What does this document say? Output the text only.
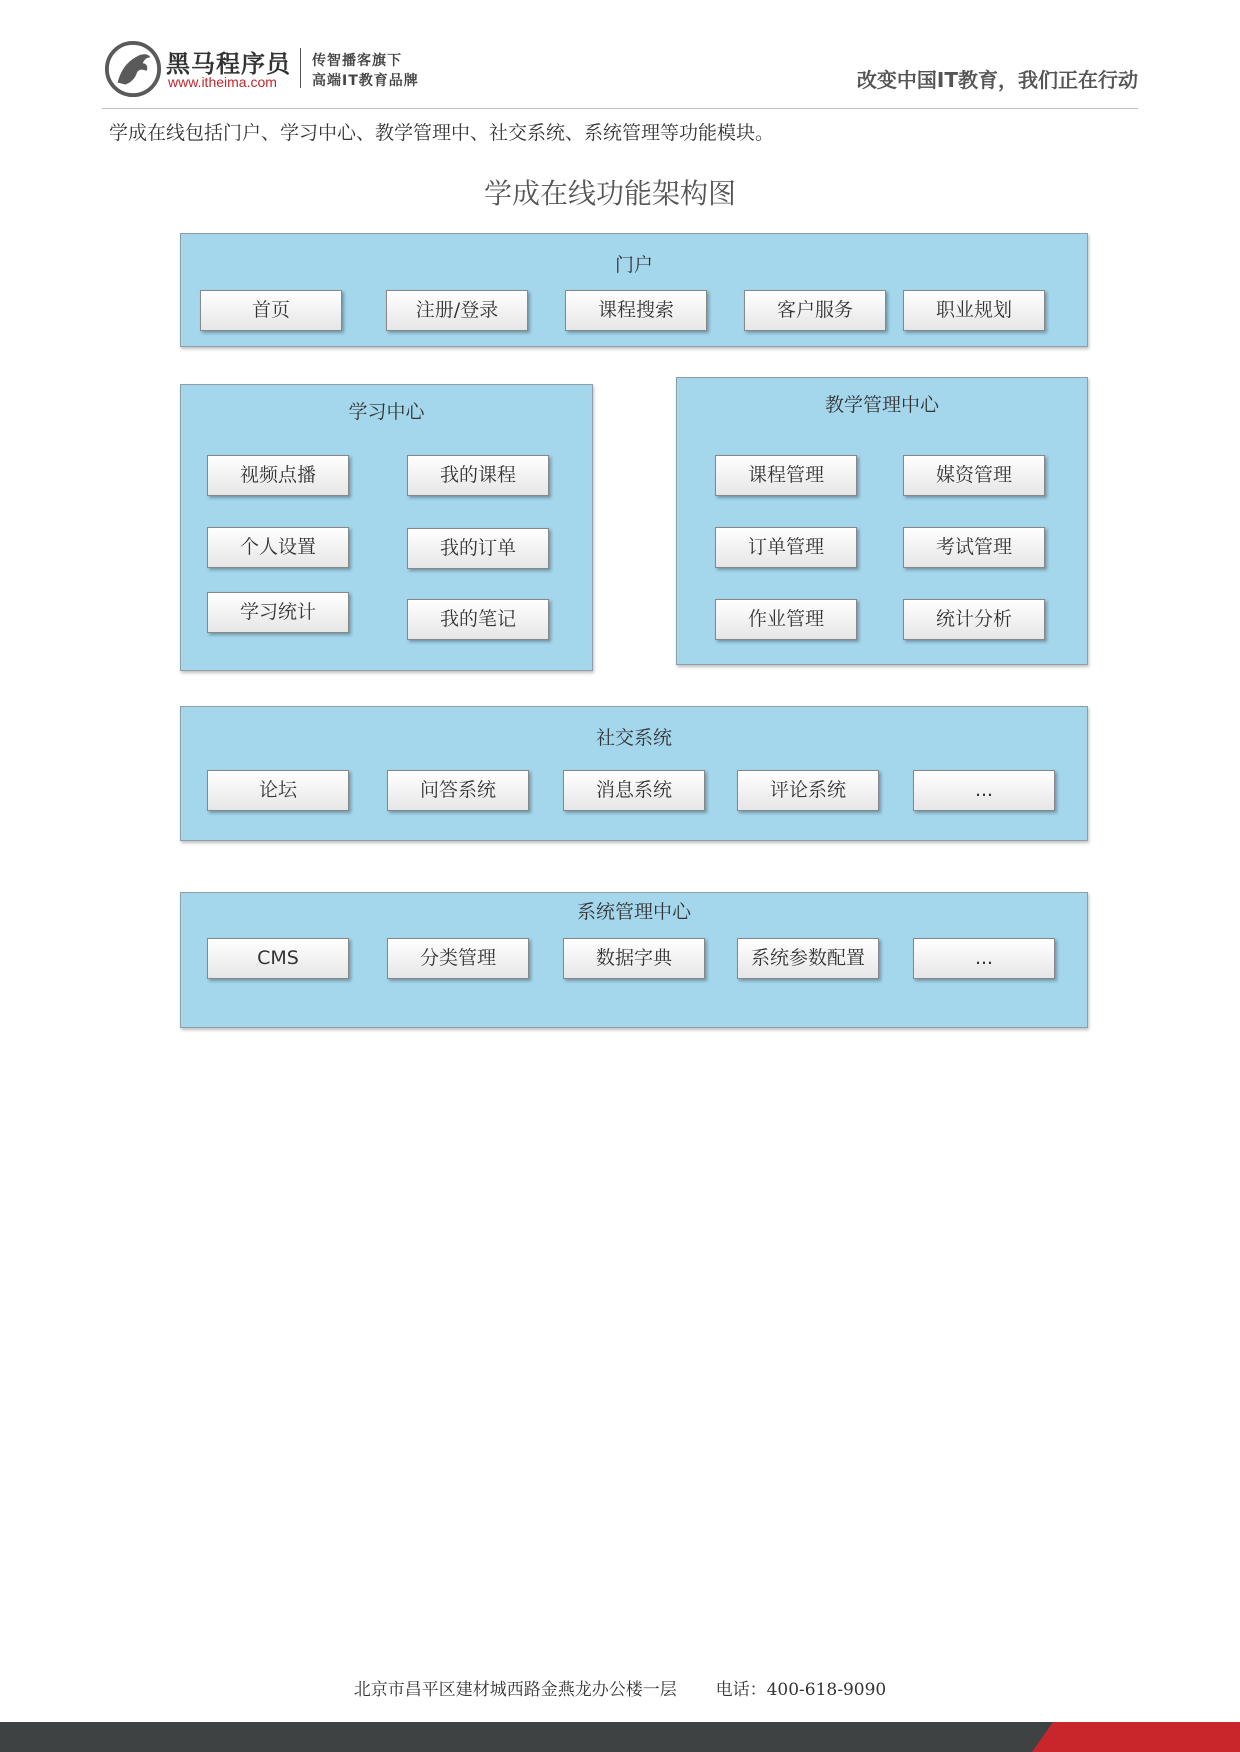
黑马程序员
www.itheima.com
传智播客旗下
高端IT教育品牌	改变中国IT教育，我们正在行动
学成在线包括门户、学习中心、教学管理中、社交系统、系统管理等功能模块。
学成在线功能架构图
门户
首页	注册/登录	课程搜索	客户服务	职业规划
学习中心
视频点播	我的课程
个人设置	我的订单
学习统计	我的笔记
教学管理中心
课程管理	媒资管理
订单管理	考试管理
作业管理	统计分析
社交系统
论坛	问答系统	消息系统	评论系统	...
系统管理中心
CMS	分类管理	数据字典	系统参数配置	...
北京市昌平区建材城西路金燕龙办公楼一层 电话：400-618-9090
